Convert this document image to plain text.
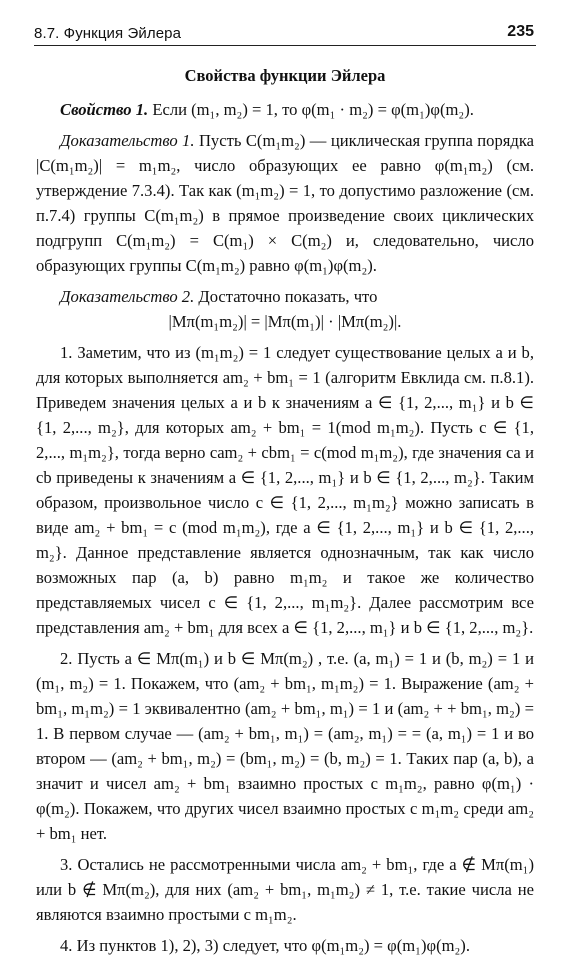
8.7. Функция Эйлера	235
Свойства функции Эйлера

Свойство 1. Если (m₁, m₂) = 1, то φ(m₁ · m₂) = φ(m₁)φ(m₂).

Доказательство 1. Пусть C(m₁m₂) — циклическая группа порядка |C(m₁m₂)| = m₁m₂, число образующих ее равно φ(m₁m₂) (см. утверждение 7.3.4). Так как (m₁m₂) = 1, то допустимо разложение (см. п.7.4) группы C(m₁m₂) в прямое произведение своих циклических подгрупп C(m₁m₂) = C(m₁) × C(m₂) и, следовательно, число образующих группы C(m₁m₂) равно φ(m₁)φ(m₂).

Доказательство 2. Достаточно показать, что

|Mπ(m₁m₂)| = |Mπ(m₁)| · |Mπ(m₂)|.

1. Заметим, что из (m₁m₂) = 1 следует существование целых a и b, для которых выполняется am₂ + bm₁ = 1 (алгоритм Евклида см. п.8.1). Приведем значения целых a и b к значениям a ∈ {1, 2,..., m₁} и b ∈ {1, 2,..., m₂}, для которых am₂ + bm₁ = 1(mod m₁m₂). Пусть c ∈ {1, 2,..., m₁m₂}, тогда верно cam₂ + cbm₁ = c(mod m₁m₂), где значения ca и cb приведены к значениям a ∈ {1, 2,..., m₁} и b ∈ {1, 2,..., m₂}. Таким образом, произвольное число c ∈ {1, 2,..., m₁m₂} можно записать в виде am₂ + bm₁ = c (mod m₁m₂), где a ∈ {1, 2,..., m₁} и b ∈ {1, 2,..., m₂}. Данное представление является однозначным, так как число возможных пар (a, b) равно m₁m₂ и такое же количество представляемых чисел c ∈ {1, 2,..., m₁m₂}. Далее рассмотрим все представления am₂ + bm₁ для всех a ∈ {1, 2,..., m₁} и b ∈ {1, 2,..., m₂}.

2. Пусть a ∈ Mπ(m₁) и b ∈ Mπ(m₂) , т.е. (a, m₁) = 1 и (b, m₂) = 1 и (m₁, m₂) = 1. Покажем, что (am₂ + bm₁, m₁m₂) = 1. Выражение (am₂ + bm₁, m₁m₂) = 1 эквивалентно (am₂ + bm₁, m₁) = 1 и (am₂ + + bm₁, m₂) = 1. В первом случае — (am₂ + bm₁, m₁) = (am₂, m₁) = = (a, m₁) = 1 и во втором — (am₂ + bm₁, m₂) = (bm₁, m₂) = (b, m₂) = 1. Таких пар (a, b), а значит и чисел am₂ + bm₁ взаимно простых с m₁m₂, равно φ(m₁) · φ(m₂). Покажем, что других чисел взаимно простых с m₁m₂ среди am₂ + bm₁ нет.

3. Остались не рассмотренными числа am₂ + bm₁, где a ∉ Mπ(m₁) или b ∉ Mπ(m₂), для них (am₂ + bm₁, m₁m₂) ≠ 1, т.е. такие числа не являются взаимно простыми с m₁m₂.

4. Из пунктов 1), 2), 3) следует, что φ(m₁m₂) = φ(m₁)φ(m₂).
